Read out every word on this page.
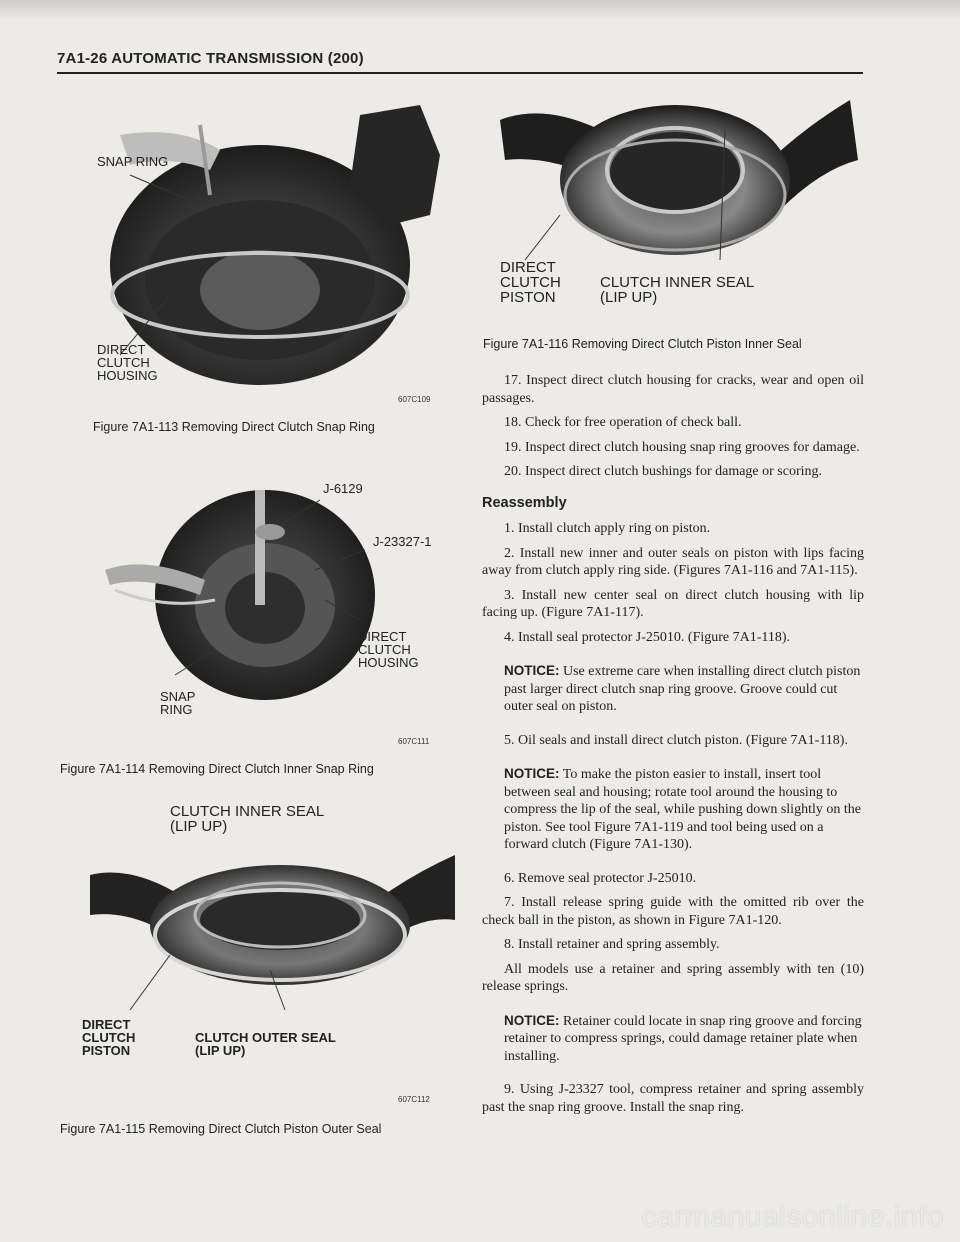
7A1-26 AUTOMATIC TRANSMISSION (200)
SNAP RING
DIRECT
CLUTCH
HOUSING
607C109
Figure 7A1-113 Removing Direct Clutch Snap Ring
J-6129
J-23327-1
DIRECT
CLUTCH
HOUSING
SNAP
RING
607C111
Figure 7A1-114 Removing Direct Clutch Inner Snap Ring
CLUTCH INNER SEAL
(LIP UP)
DIRECT
CLUTCH
PISTON
CLUTCH OUTER SEAL
(LIP UP)
607C112
Figure 7A1-115 Removing Direct Clutch Piston Outer Seal
DIRECT
CLUTCH
PISTON
CLUTCH INNER SEAL
(LIP UP)
Figure 7A1-116 Removing Direct Clutch Piston Inner Seal

17. Inspect direct clutch housing for cracks, wear and open oil passages.

18. Check for free operation of check ball.

19. Inspect direct clutch housing snap ring grooves for damage.

20. Inspect direct clutch bushings for damage or scoring.

Reassembly

1. Install clutch apply ring on piston.

2. Install new inner and outer seals on piston with lips facing away from clutch apply ring side. (Figures 7A1-116 and 7A1-115).

3. Install new center seal on direct clutch housing with lip facing up. (Figure 7A1-117).

4. Install seal protector J-25010. (Figure 7A1-118).

NOTICE: Use extreme care when installing direct clutch piston past larger direct clutch snap ring groove. Groove could cut outer seal on piston.

5. Oil seals and install direct clutch piston. (Figure 7A1-118).

NOTICE: To make the piston easier to install, insert tool between seal and housing; rotate tool around the housing to compress the lip of the seal, while pushing down slightly on the piston. See tool Figure 7A1-119 and tool being used on a forward clutch (Figure 7A1-130).

6. Remove seal protector J-25010.

7. Install release spring guide with the omitted rib over the check ball in the piston, as shown in Figure 7A1-120.

8. Install retainer and spring assembly.

All models use a retainer and spring assembly with ten (10) release springs.

NOTICE: Retainer could locate in snap ring groove and forcing retainer to compress springs, could damage retainer plate when installing.

9. Using J-23327 tool, compress retainer and spring assembly past the snap ring groove. Install the snap ring.

carmanualsonline.info
